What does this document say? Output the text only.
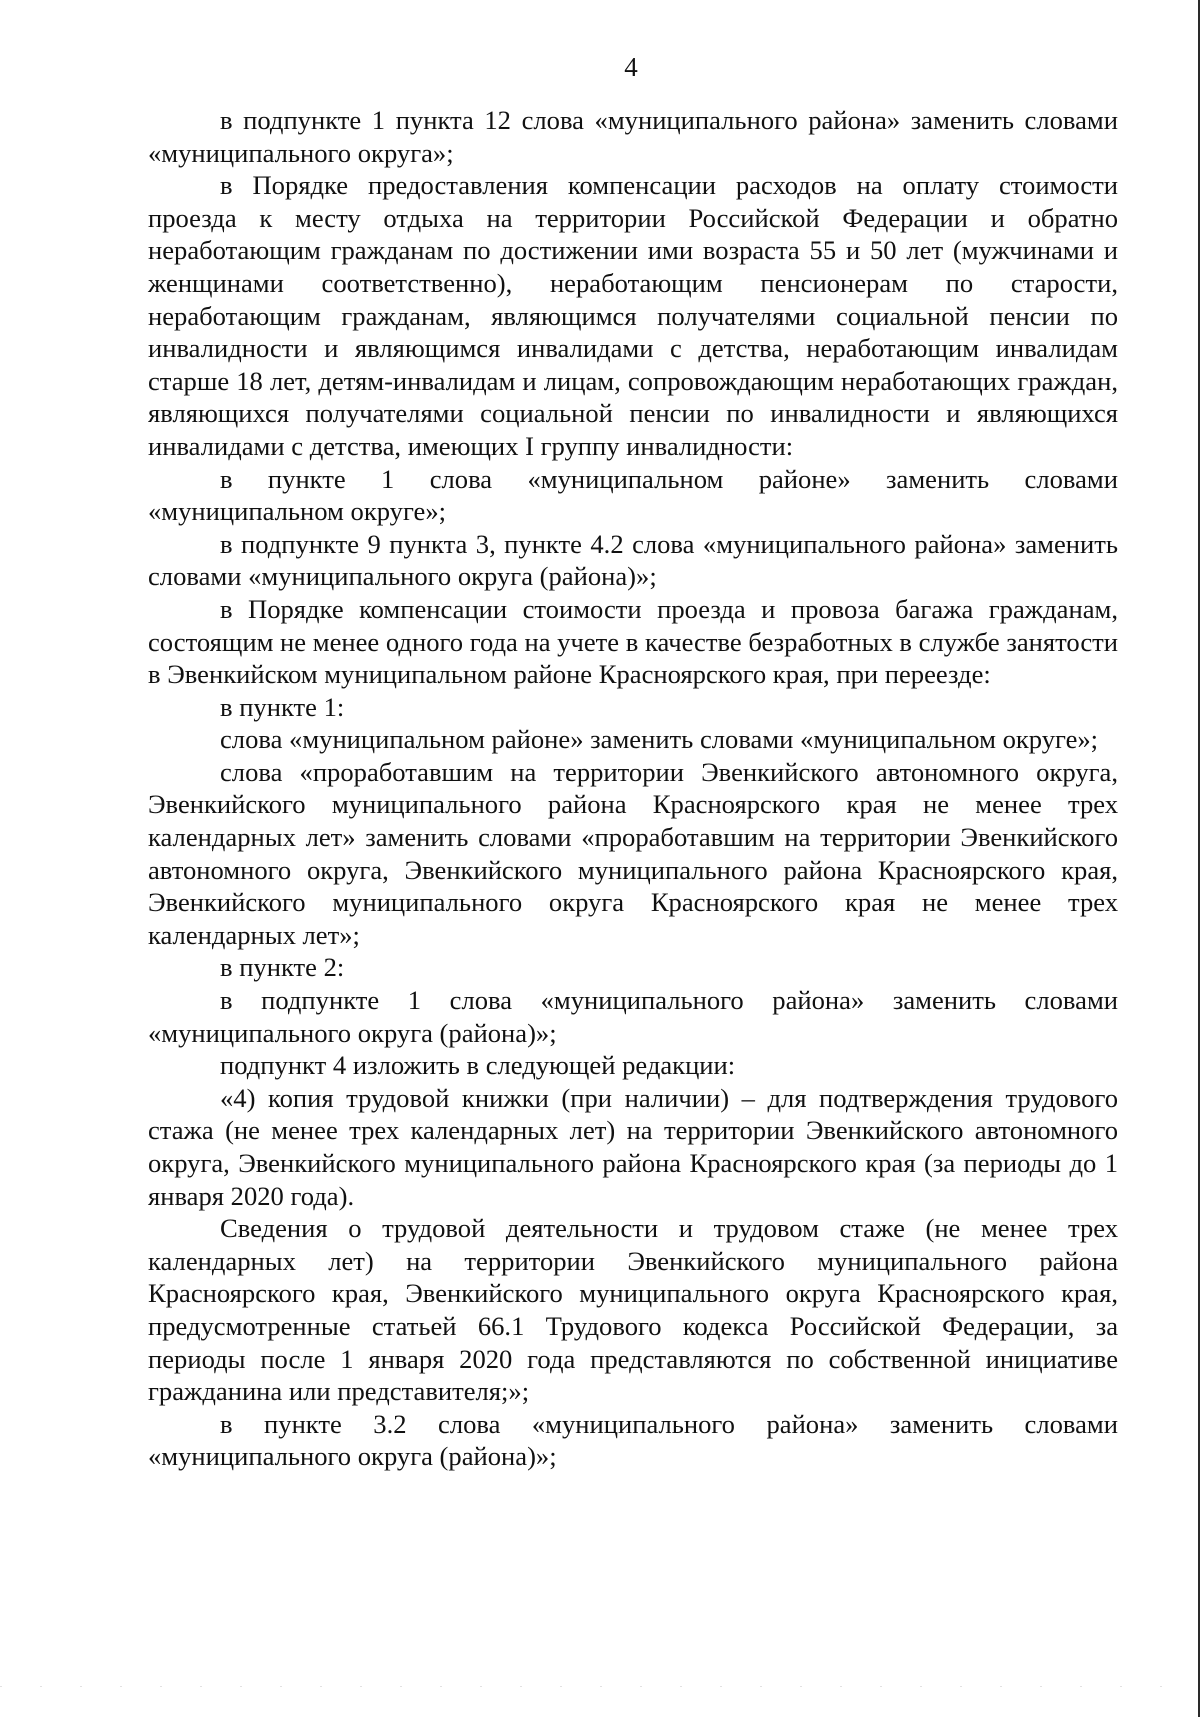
4

в подпункте 1 пункта 12 слова «муниципального района» заменить словами «муниципального округа»;

в Порядке предоставления компенсации расходов на оплату стоимости проезда к месту отдыха на территории Российской Федерации и обратно неработающим гражданам по достижении ими возраста 55 и 50 лет (мужчинами и женщинами соответственно), неработающим пенсионерам по старости, неработающим гражданам, являющимся получателями социальной пенсии по инвалидности и являющимся инвалидами с детства, неработающим инвалидам старше 18 лет, детям-инвалидам и лицам, сопровождающим неработающих граждан, являющихся получателями социальной пенсии по инвалидности и являющихся инвалидами с детства, имеющих I группу инвалидности:

в пункте 1 слова «муниципальном районе» заменить словами «муниципальном округе»;

в подпункте 9 пункта 3, пункте 4.2 слова «муниципального района» заменить словами «муниципального округа (района)»;

в Порядке компенсации стоимости проезда и провоза багажа гражданам, состоящим не менее одного года на учете в качестве безработных в службе занятости в Эвенкийском муниципальном районе Красноярского края, при переезде:

в пункте 1:

слова «муниципальном районе» заменить словами «муниципальном округе»;

слова «проработавшим на территории Эвенкийского автономного округа, Эвенкийского муниципального района Красноярского края не менее трех календарных лет» заменить словами «проработавшим на территории Эвенкийского автономного округа, Эвенкийского муниципального района Красноярского края, Эвенкийского муниципального округа Красноярского края не менее трех календарных лет»;

в пункте 2:

в подпункте 1 слова «муниципального района» заменить словами «муниципального округа (района)»;

подпункт 4 изложить в следующей редакции:

«4) копия трудовой книжки (при наличии) – для подтверждения трудового стажа (не менее трех календарных лет) на территории Эвенкийского автономного округа, Эвенкийского муниципального района Красноярского края (за периоды до 1 января 2020 года).

Сведения о трудовой деятельности и трудовом стаже (не менее трех календарных лет) на территории Эвенкийского муниципального района Красноярского края, Эвенкийского муниципального округа Красноярского края, предусмотренные статьей 66.1 Трудового кодекса Российской Федерации, за периоды после 1 января 2020 года представляются по собственной инициативе гражданина или представителя;»;

в пункте 3.2 слова «муниципального района» заменить словами «муниципального округа (района)»;
